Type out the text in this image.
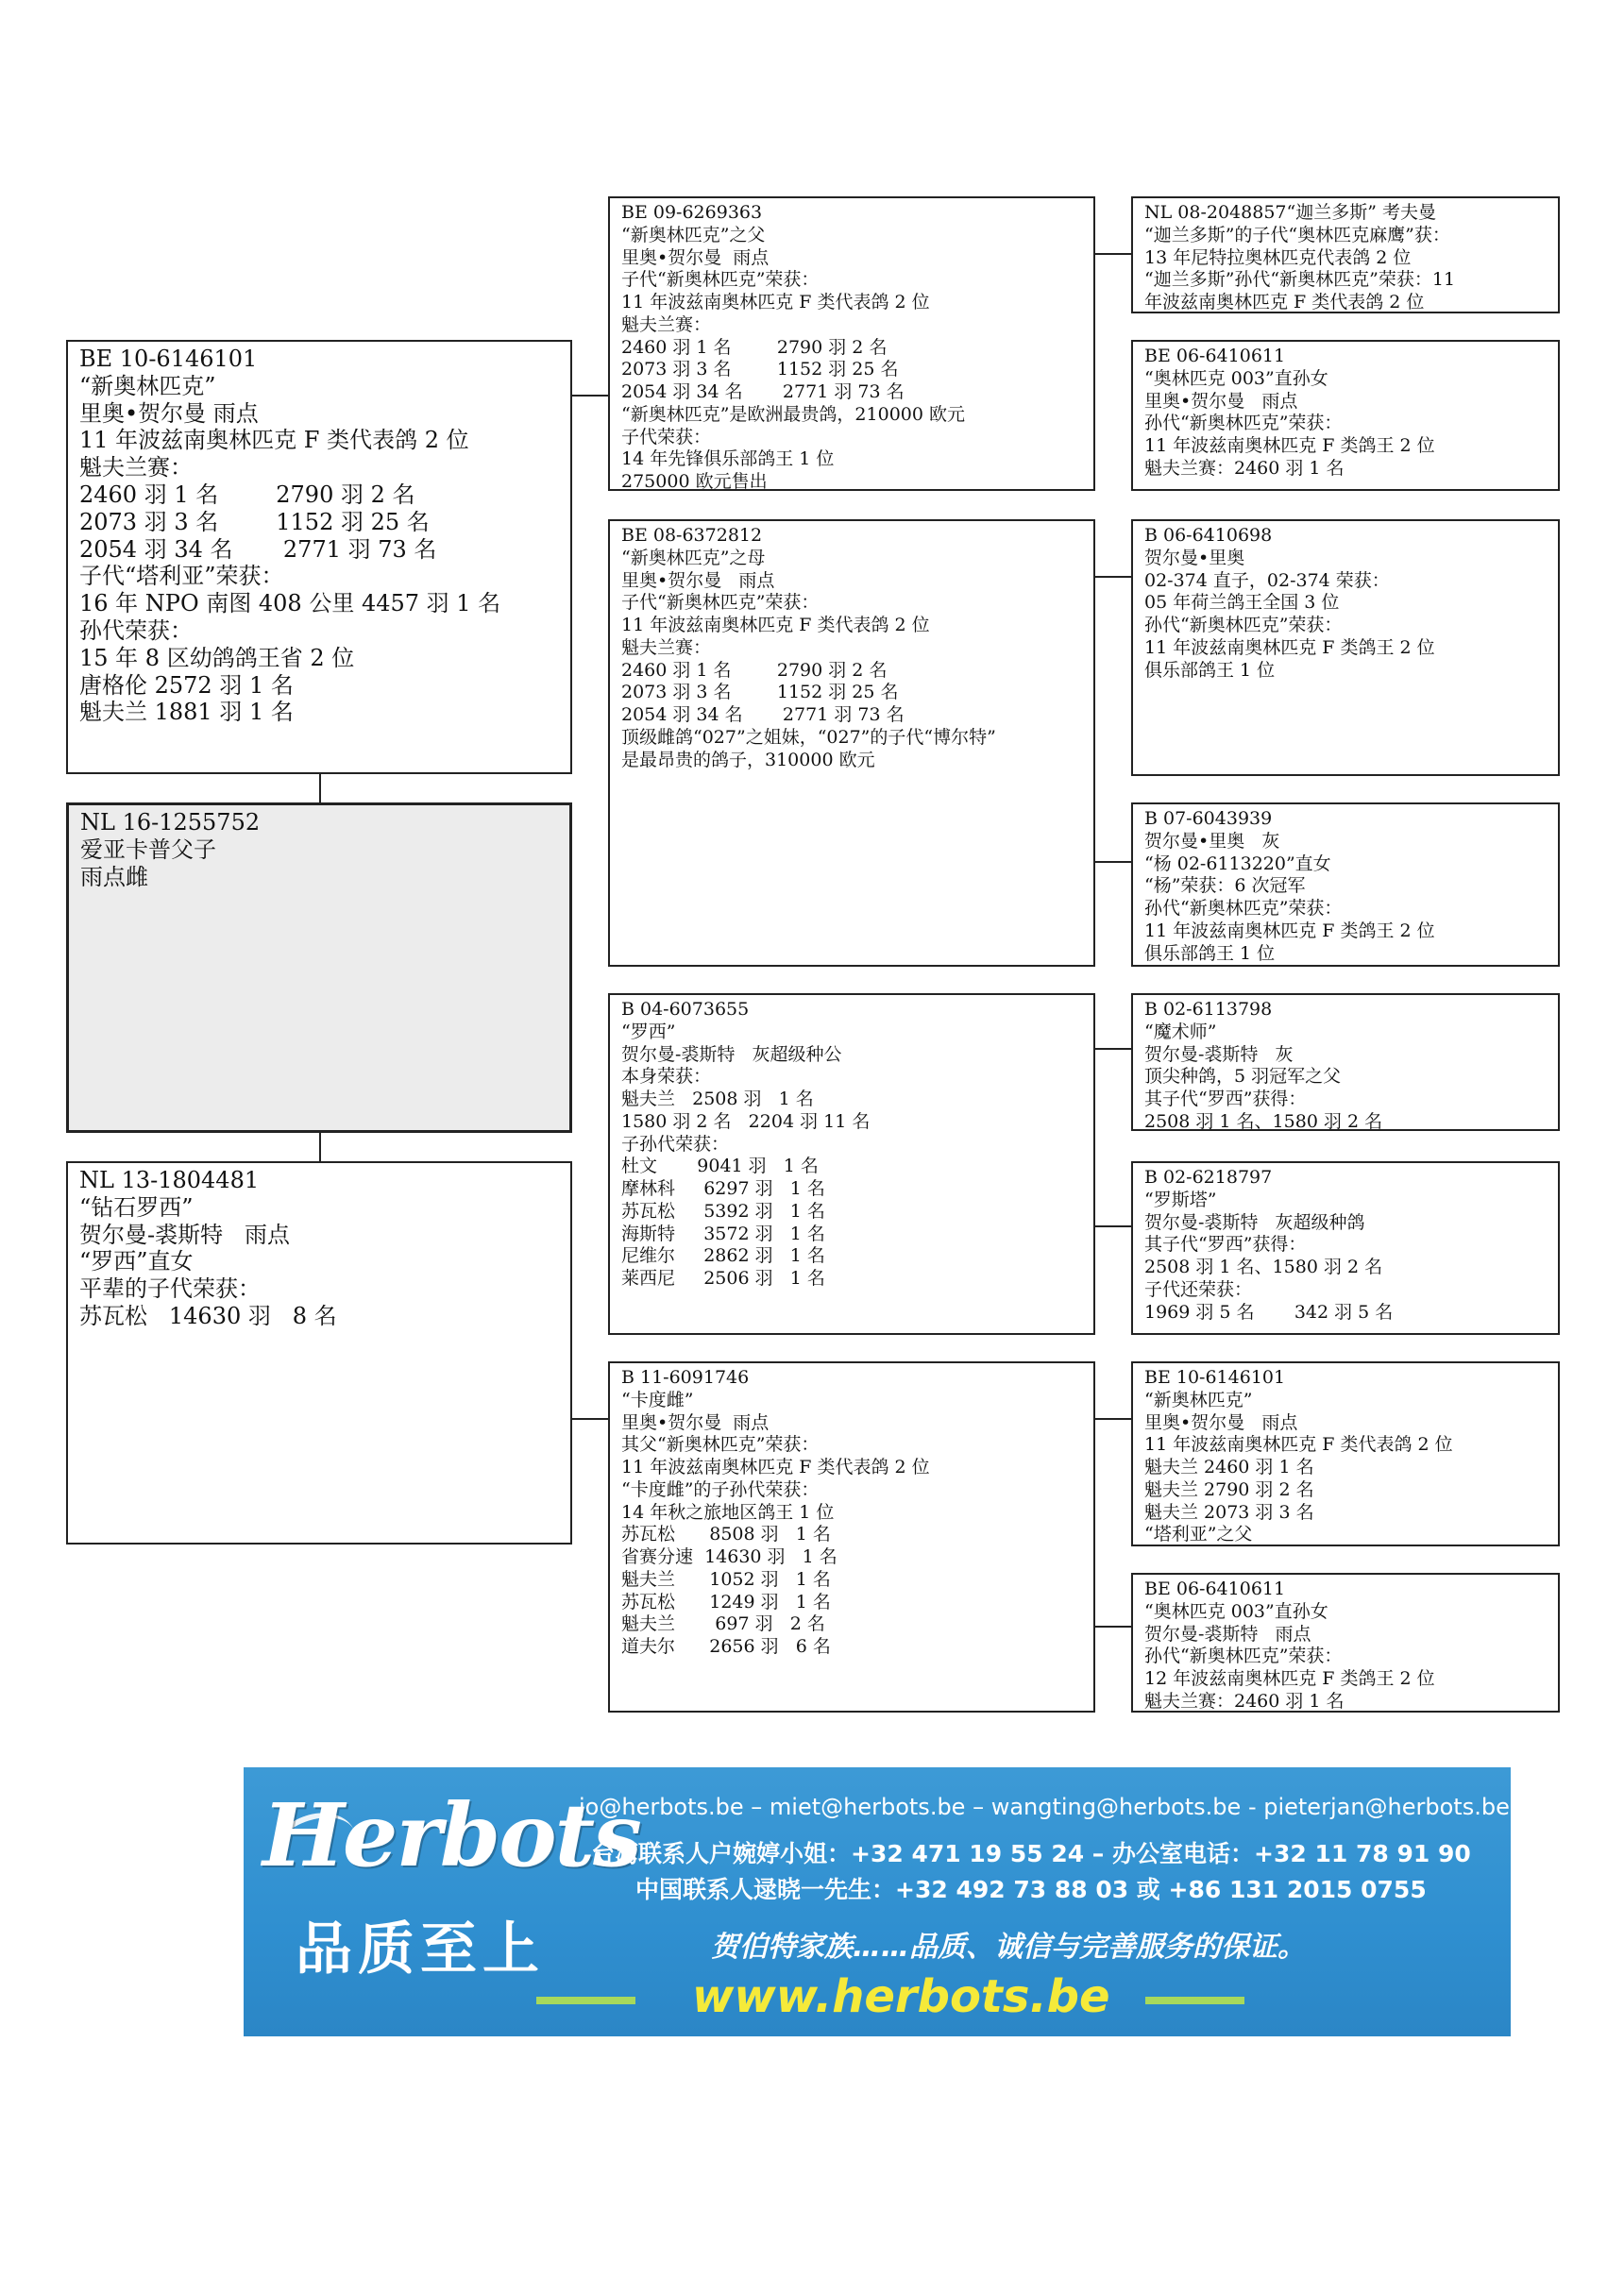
BE 10-6146101
“新奥林匹克”
里奥•贺尔曼 雨点
11 年波兹南奥林匹克 F 类代表鸽 2 位
魁夫兰赛：
2460 羽 1 名        2790 羽 2 名
2073 羽 3 名        1152 羽 25 名
2054 羽 34 名       2771 羽 73 名
子代“塔利亚”荣获：
16 年 NPO 南图 408 公里 4457 羽 1 名
孙代荣获：
15 年 8 区幼鸽鸽王省 2 位
唐格伦 2572 羽 1 名
魁夫兰 1881 羽 1 名
NL 16-1255752
爱亚卡普父子
雨点雌
NL 13-1804481
“钻石罗西”
贺尔曼-裘斯特   雨点
“罗西”直女
平辈的子代荣获：
苏瓦松   14630 羽   8 名
BE 09-6269363
“新奥林匹克”之父
里奥•贺尔曼  雨点
子代“新奥林匹克”荣获：
11 年波兹南奥林匹克 F 类代表鸽 2 位
魁夫兰赛：
2460 羽 1 名        2790 羽 2 名
2073 羽 3 名        1152 羽 25 名
2054 羽 34 名       2771 羽 73 名
“新奥林匹克”是欧洲最贵鸽，210000 欧元
子代荣获：
14 年先锋俱乐部鸽王 1 位
275000 欧元售出
BE 08-6372812
“新奥林匹克”之母
里奥•贺尔曼   雨点
子代“新奥林匹克”荣获：
11 年波兹南奥林匹克 F 类代表鸽 2 位
魁夫兰赛：
2460 羽 1 名        2790 羽 2 名
2073 羽 3 名        1152 羽 25 名
2054 羽 34 名       2771 羽 73 名
顶级雌鸽“027”之姐妹，“027”的子代“博尔特”
是最昂贵的鸽子，310000 欧元
B 04-6073655
“罗西”
贺尔曼-裘斯特   灰超级种公
本身荣获：
魁夫兰   2508 羽   1 名
1580 羽 2 名   2204 羽 11 名
子孙代荣获：
杜文       9041 羽   1 名
摩林科     6297 羽   1 名
苏瓦松     5392 羽   1 名
海斯特     3572 羽   1 名
尼维尔     2862 羽   1 名
莱西尼     2506 羽   1 名
B 11-6091746
“卡度雌”
里奥•贺尔曼  雨点
其父“新奥林匹克”荣获：
11 年波兹南奥林匹克 F 类代表鸽 2 位
“卡度雌”的子孙代荣获：
14 年秋之旅地区鸽王 1 位
苏瓦松      8508 羽   1 名
省赛分速  14630 羽   1 名
魁夫兰      1052 羽   1 名
苏瓦松      1249 羽   1 名
魁夫兰       697 羽   2 名
道夫尔      2656 羽   6 名
NL 08-2048857“迦兰多斯” 考夫曼
“迦兰多斯”的子代“奥林匹克麻鹰”获：
13 年尼特拉奥林匹克代表鸽 2 位
“迦兰多斯”孙代“新奥林匹克”荣获：11
年波兹南奥林匹克 F 类代表鸽 2 位
BE 06-6410611
“奥林匹克 003”直孙女
里奥•贺尔曼   雨点
孙代“新奥林匹克”荣获：
11 年波兹南奥林匹克 F 类鸽王 2 位
魁夫兰赛：2460 羽 1 名
B 06-6410698
贺尔曼•里奥
02-374 直子，02-374 荣获：
05 年荷兰鸽王全国 3 位
孙代“新奥林匹克”荣获：
11 年波兹南奥林匹克 F 类鸽王 2 位
俱乐部鸽王 1 位
B 07-6043939
贺尔曼•里奥   灰
“杨 02-6113220”直女
“杨”荣获：6 次冠军
孙代“新奥林匹克”荣获：
11 年波兹南奥林匹克 F 类鸽王 2 位
俱乐部鸽王 1 位
B 02-6113798
“魔术师”
贺尔曼-裘斯特   灰
顶尖种鸽，5 羽冠军之父
其子代“罗西”获得：
2508 羽 1 名、1580 羽 2 名
B 02-6218797
“罗斯塔”
贺尔曼-裘斯特   灰超级种鸽
其子代“罗西”获得：
2508 羽 1 名、1580 羽 2 名
子代还荣获：
1969 羽 5 名       342 羽 5 名
BE 10-6146101
“新奥林匹克”
里奥•贺尔曼   雨点
11 年波兹南奥林匹克 F 类代表鸽 2 位
魁夫兰 2460 羽 1 名
魁夫兰 2790 羽 2 名
魁夫兰 2073 羽 3 名
“塔利亚”之父
BE 06-6410611
“奥林匹克 003”直孙女
贺尔曼-裘斯特   雨点
孙代“新奥林匹克”荣获：
12 年波兹南奥林匹克 F 类鸽王 2 位
魁夫兰赛：2460 羽 1 名
Herbots
品质至上
jo@herbots.be – miet@herbots.be – wangting@herbots.be - pieterjan@herbots.be
台湾联系人户婉婷小姐：+32 471 19 55 24 – 办公室电话：+32 11 78 91 90
中国联系人逯晓一先生：+32 492 73 88 03 或 +86 131 2015 0755
贺伯特家族……品质、诚信与完善服务的保证。
www.herbots.be
